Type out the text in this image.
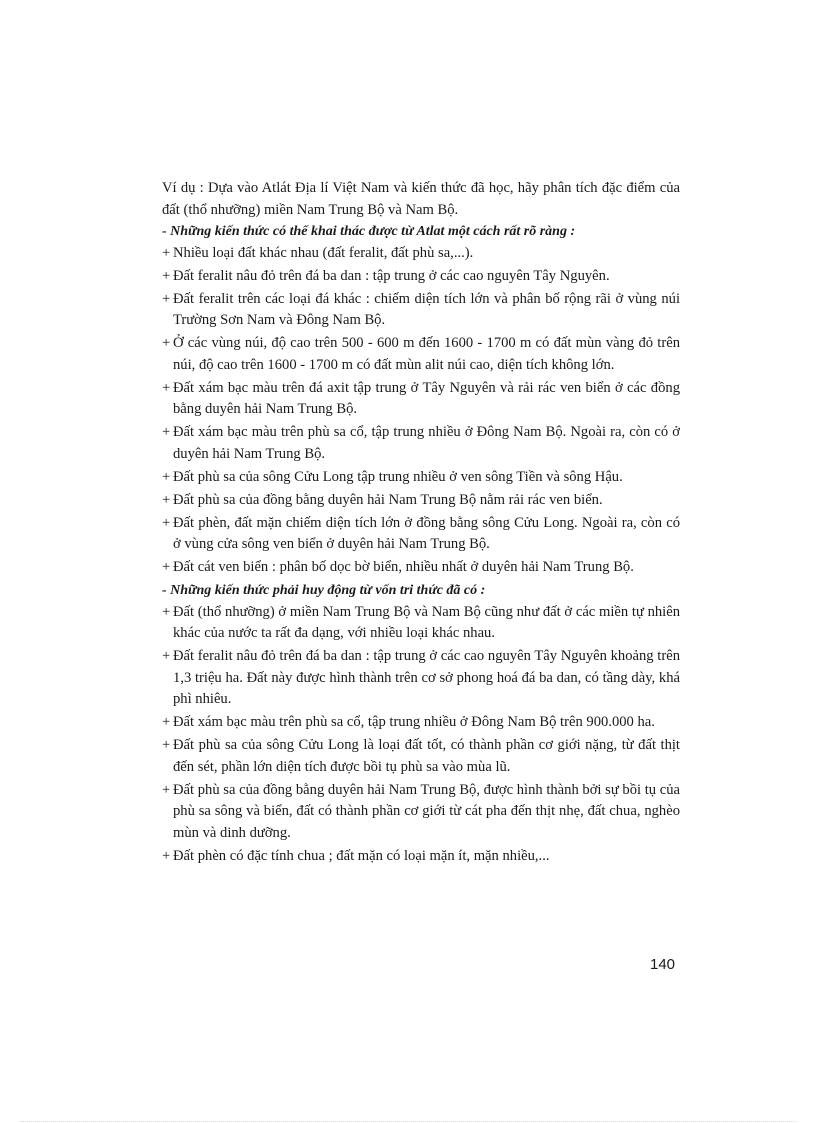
Ví dụ : Dựa vào Atlát Địa lí Việt Nam và kiến thức đã học, hãy phân tích đặc điểm của đất (thổ nhưỡng) miền Nam Trung Bộ và Nam Bộ.

- Những kiến thức có thể khai thác được từ Atlat một cách rất rõ ràng :

+ Nhiều loại đất khác nhau (đất feralit, đất phù sa,...).
+ Đất feralit nâu đỏ trên đá ba dan : tập trung ở các cao nguyên Tây Nguyên.
+ Đất feralit trên các loại đá khác : chiếm diện tích lớn và phân bố rộng rãi ở vùng núi Trường Sơn Nam và Đông Nam Bộ.
+ Ở các vùng núi, độ cao trên 500 - 600 m đến 1600 - 1700 m có đất mùn vàng đỏ trên núi, độ cao trên 1600 - 1700 m có đất mùn alit núi cao, diện tích không lớn.
+ Đất xám bạc màu trên đá axit tập trung ở Tây Nguyên và rải rác ven biển ở các đồng bằng duyên hải Nam Trung Bộ.
+ Đất xám bạc màu trên phù sa cổ, tập trung nhiều ở Đông Nam Bộ. Ngoài ra, còn có ở duyên hải Nam Trung Bộ.
+ Đất phù sa của sông Cửu Long tập trung nhiều ở ven sông Tiền và sông Hậu.
+ Đất phù sa của đồng bằng duyên hải Nam Trung Bộ nằm rải rác ven biển.
+ Đất phèn, đất mặn chiếm diện tích lớn ở đồng bằng sông Cửu Long. Ngoài ra, còn có ở vùng cửa sông ven biển ở duyên hải Nam Trung Bộ.
+ Đất cát ven biển : phân bố dọc bờ biển, nhiều nhất ở duyên hải Nam Trung Bộ.

- Những kiến thức phải huy động từ vốn tri thức đã có :

+ Đất (thổ nhưỡng) ở miền Nam Trung Bộ và Nam Bộ cũng như đất ở các miền tự nhiên khác của nước ta rất đa dạng, với nhiều loại khác nhau.
+ Đất feralit nâu đỏ trên đá ba dan : tập trung ở các cao nguyên Tây Nguyên khoảng trên 1,3 triệu ha. Đất này được hình thành trên cơ sở phong hoá đá ba dan, có tầng dày, khá phì nhiêu.
+ Đất xám bạc màu trên phù sa cổ, tập trung nhiều ở Đông Nam Bộ trên 900.000 ha.
+ Đất phù sa của sông Cửu Long là loại đất tốt, có thành phần cơ giới nặng, từ đất thịt đến sét, phần lớn diện tích được bồi tụ phù sa vào mùa lũ.
+ Đất phù sa của đồng bằng duyên hải Nam Trung Bộ, được hình thành bởi sự bồi tụ của phù sa sông và biển, đất có thành phần cơ giới từ cát pha đến thịt nhẹ, đất chua, nghèo mùn và dinh dưỡng.
+ Đất phèn có đặc tính chua ; đất mặn có loại mặn ít, mặn nhiều,...
140
